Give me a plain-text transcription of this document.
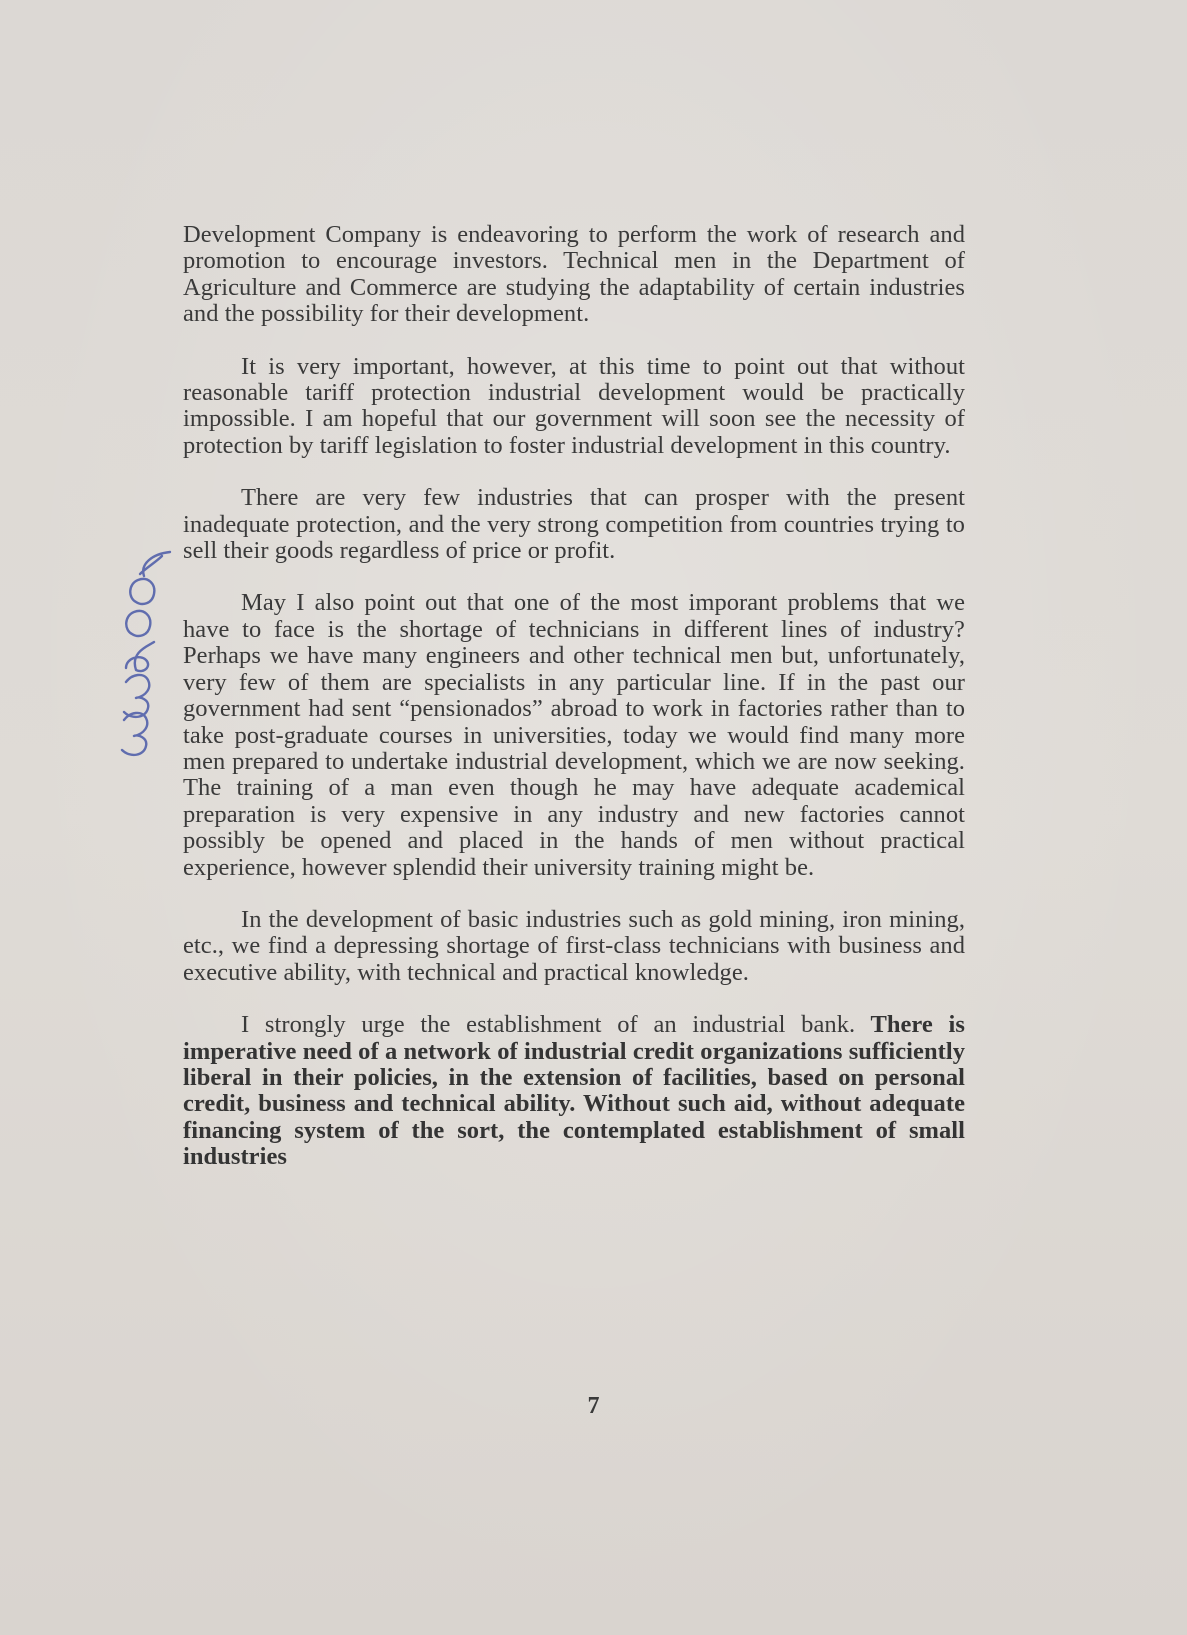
Development Company is endeavoring to perform the work of research and promotion to encourage investors. Technical men in the Department of Agriculture and Commerce are studying the adaptability of certain industries and the possibility for their development.

It is very important, however, at this time to point out that without reasonable tariff protection industrial development would be practically impossible. I am hopeful that our government will soon see the necessity of protection by tariff legislation to foster industrial development in this country.

There are very few industries that can prosper with the present inadequate protection, and the very strong competition from countries trying to sell their goods regardless of price or profit.

May I also point out that one of the most imporant problems that we have to face is the shortage of technicians in different lines of industry? Perhaps we have many engineers and other technical men but, unfortunately, very few of them are specialists in any particular line. If in the past our government had sent “pensionados” abroad to work in factories rather than to take post-graduate courses in universities, today we would find many more men prepared to undertake industrial development, which we are now seeking. The training of a man even though he may have adequate academical preparation is very expensive in any industry and new factories cannot possibly be opened and placed in the hands of men without practical experience, however splendid their university training might be.

In the development of basic industries such as gold mining, iron mining, etc., we find a depressing shortage of first-class technicians with business and executive ability, with technical and practical knowledge.

I strongly urge the establishment of an industrial bank. There is imperative need of a network of industrial credit organizations sufficiently liberal in their policies, in the extension of facilities, based on personal credit, business and technical ability. Without such aid, without adequate financing system of the sort, the contemplated establishment of small industries

7
